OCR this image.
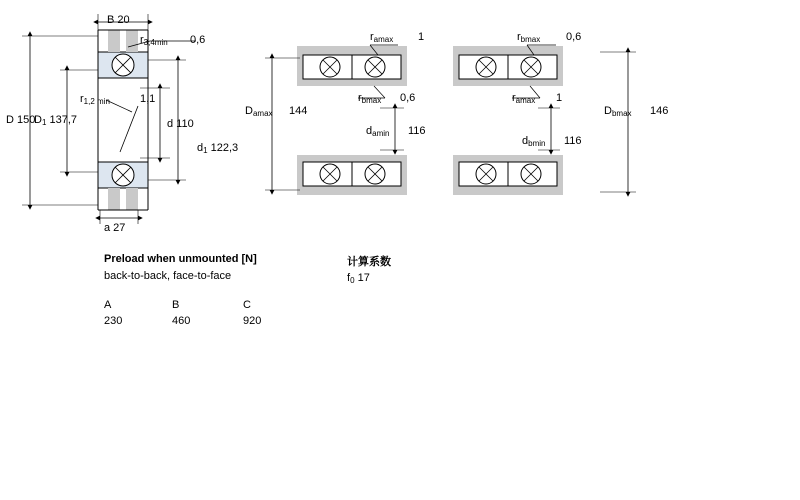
B 20
$r_{3,4min}$ 0,6
D 150
$D_1$ 137,7
$r_{1,2 min}$	1,1
d 110
$d_1$ 122,3
a 27
$r_{amax}$ 1	$r_{bmax}$ 0,6
$D_{amax}$ 144
$r_{bmax}$ 0,6	$r_{amax}$ 1
$D_{bmax}$ 146
$d_{amin}$ 116
$d_{bmin}$ 116
Preload when unmounted [N]
back-to-back, face-to-face
A	B	C
230	460	920
计算系数
$f_0$ 17
